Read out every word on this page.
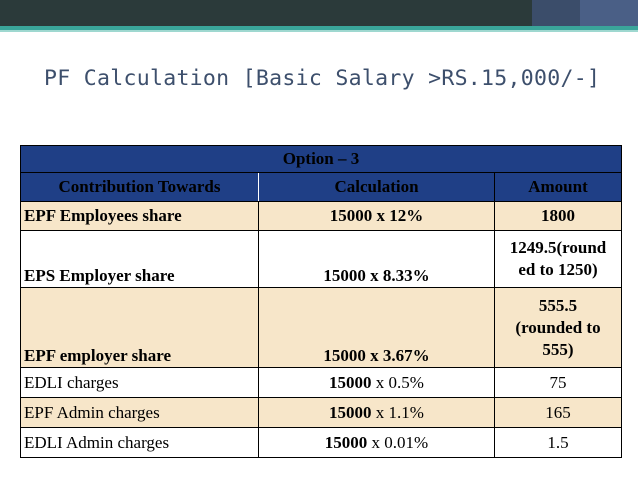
PF Calculation [Basic Salary >RS.15,000/-]
Option – 3		
Contribution Towards	Calculation	Amount
EPF Employees share	15000 x 12%	1800
EPS Employer share	15000 x 8.33%	1249.5(round
ed to 1250)

EPF employer share	15000 x 3.67%	555.5
(rounded to
555)

EDLI charges	15000 x 0.5%	75
EPF Admin charges	15000 x 1.1%	165
EDLI Admin charges	15000 x 0.01%	1.5
